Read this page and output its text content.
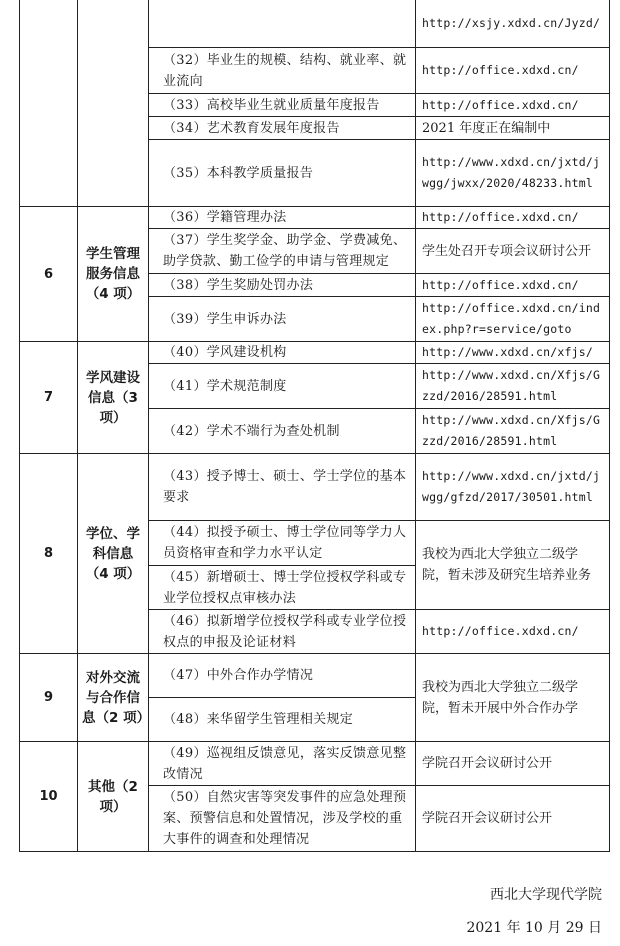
			http://xsjy.xdxd.cn/Jyzd/
		（32）毕业生的规模、结构、就业率、就业流向	http://office.xdxd.cn/
		（33）高校毕业生就业质量年度报告	http://office.xdxd.cn/
		（34）艺术教育发展年度报告	2021 年度正在编制中
		（35）本科教学质量报告	http://www.xdxd.cn/jxtd/jwgg/jwxx/2020/48233.html
6	学生管理服务信息（4 项）	（36）学籍管理办法	http://office.xdxd.cn/
		（37）学生奖学金、助学金、学费减免、助学贷款、勤工俭学的申请与管理规定	学生处召开专项会议研讨公开
		（38）学生奖励处罚办法	http://office.xdxd.cn/
		（39）学生申诉办法	http://office.xdxd.cn/index.php?r=service/goto
7	学风建设信息（3 项）	（40）学风建设机构	http://www.xdxd.cn/xfjs/
		（41）学术规范制度	http://www.xdxd.cn/Xfjs/Gzzd/2016/28591.html
		（42）学术不端行为查处机制	http://www.xdxd.cn/Xfjs/Gzzd/2016/28591.html
8	学位、学科信息（4 项）	（43）授予博士、硕士、学士学位的基本要求	http://www.xdxd.cn/jxtd/jwgg/gfzd/2017/30501.html
		（44）拟授予硕士、博士学位同等学力人员资格审查和学力水平认定	我校为西北大学独立二级学院，暂未涉及研究生培养业务
		（45）新增硕士、博士学位授权学科或专业学位授权点审核办法	
		（46）拟新增学位授权学科或专业学位授权点的申报及论证材料	http://office.xdxd.cn/
9	对外交流与合作信息（2 项）	（47）中外合作办学情况	我校为西北大学独立二级学院，暂未开展中外合作办学
		（48）来华留学生管理相关规定	
10	其他（2 项）	（49）巡视组反馈意见，落实反馈意见整改情况	学院召开会议研讨公开
		（50）自然灾害等突发事件的应急处理预案、预警信息和处置情况，涉及学校的重大事件的调查和处理情况	学院召开会议研讨公开
西北大学现代学院
2021 年 10 月 29 日
